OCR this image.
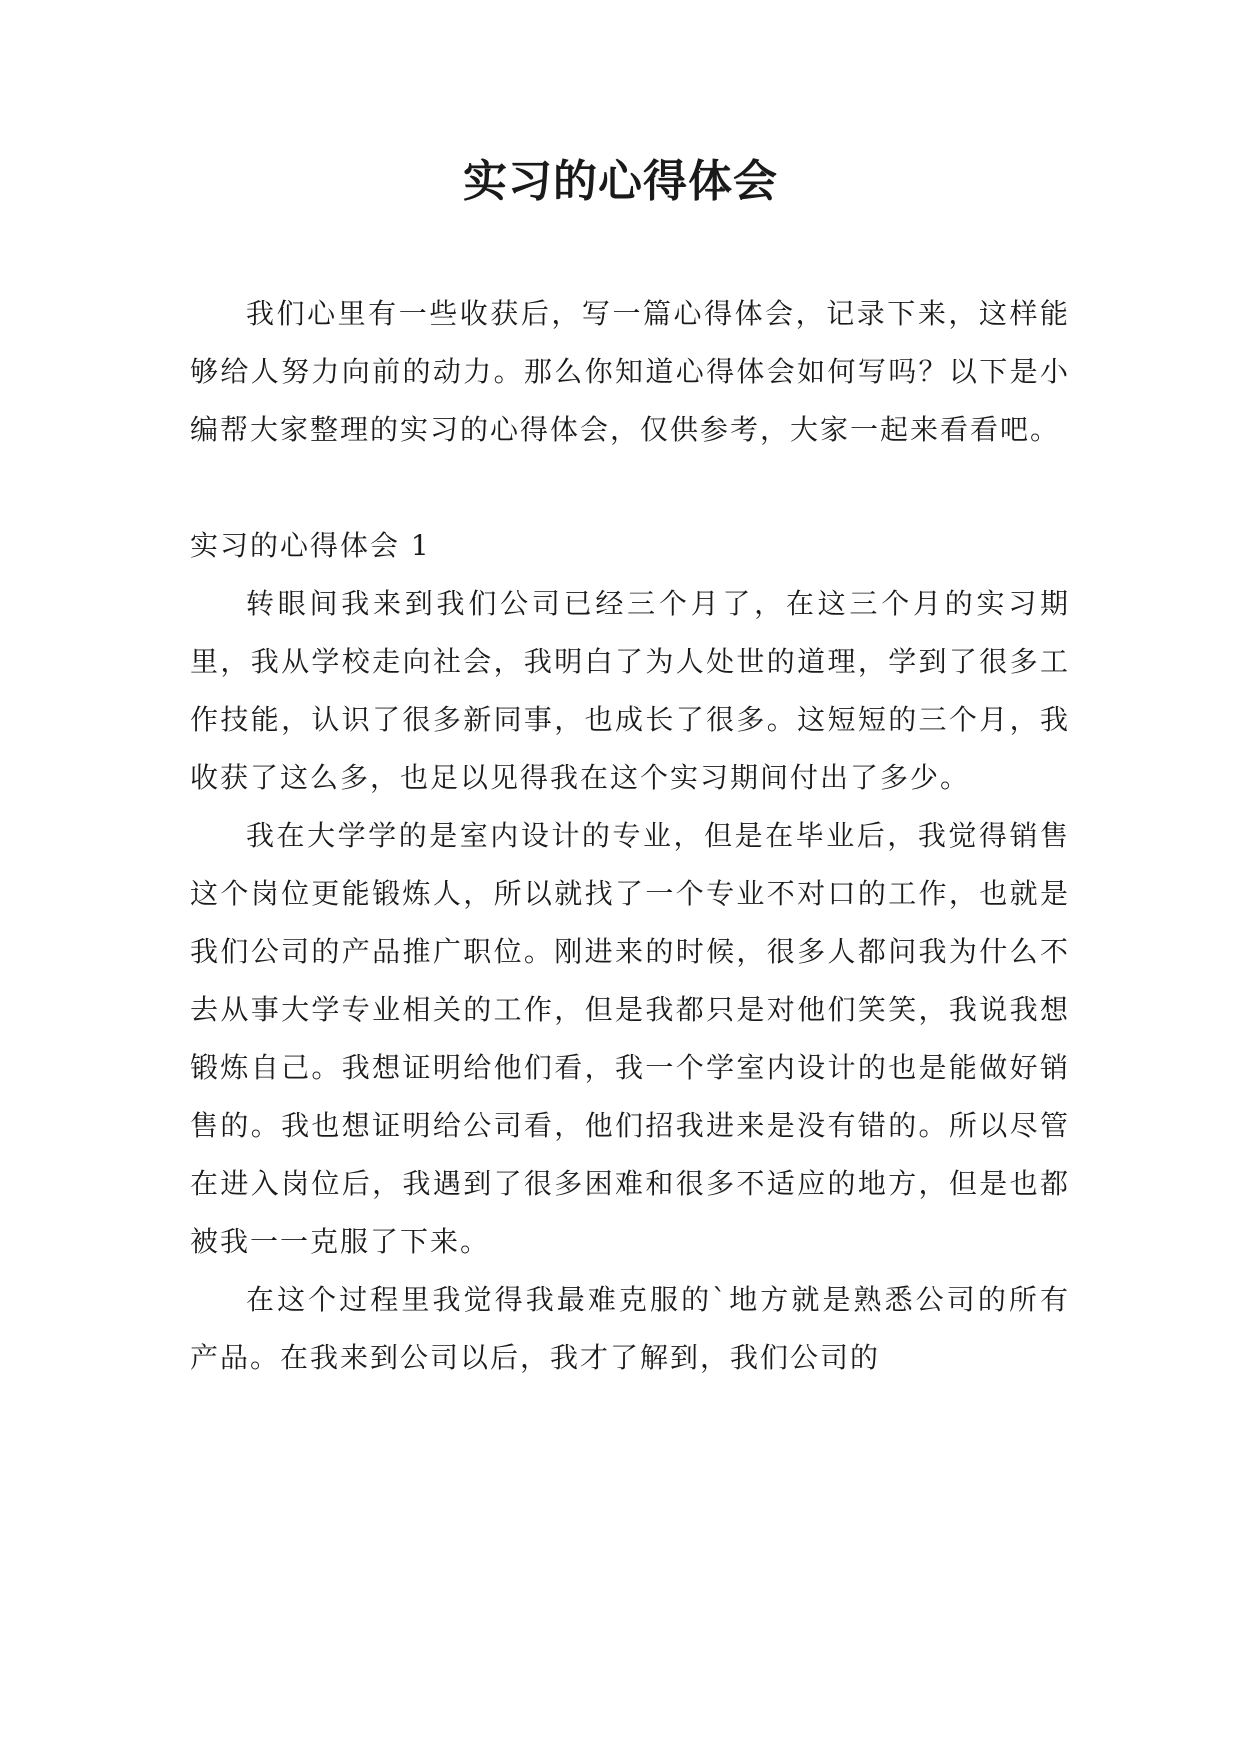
实习的心得体会

我们心里有一些收获后，写一篇心得体会，记录下来，这样能够给人努力向前的动力。那么你知道心得体会如何写吗？以下是小编帮大家整理的实习的心得体会，仅供参考，大家一起来看看吧。

实习的心得体会 1

转眼间我来到我们公司已经三个月了，在这三个月的实习期里，我从学校走向社会，我明白了为人处世的道理，学到了很多工作技能，认识了很多新同事，也成长了很多。这短短的三个月，我收获了这么多，也足以见得我在这个实习期间付出了多少。

我在大学学的是室内设计的专业，但是在毕业后，我觉得销售这个岗位更能锻炼人，所以就找了一个专业不对口的工作，也就是我们公司的产品推广职位。刚进来的时候，很多人都问我为什么不去从事大学专业相关的工作，但是我都只是对他们笑笑，我说我想锻炼自己。我想证明给他们看，我一个学室内设计的也是能做好销售的。我也想证明给公司看，他们招我进来是没有错的。所以尽管在进入岗位后，我遇到了很多困难和很多不适应的地方，但是也都被我一一克服了下来。

在这个过程里我觉得我最难克服的`地方就是熟悉公司的所有产品。在我来到公司以后，我才了解到，我们公司的
